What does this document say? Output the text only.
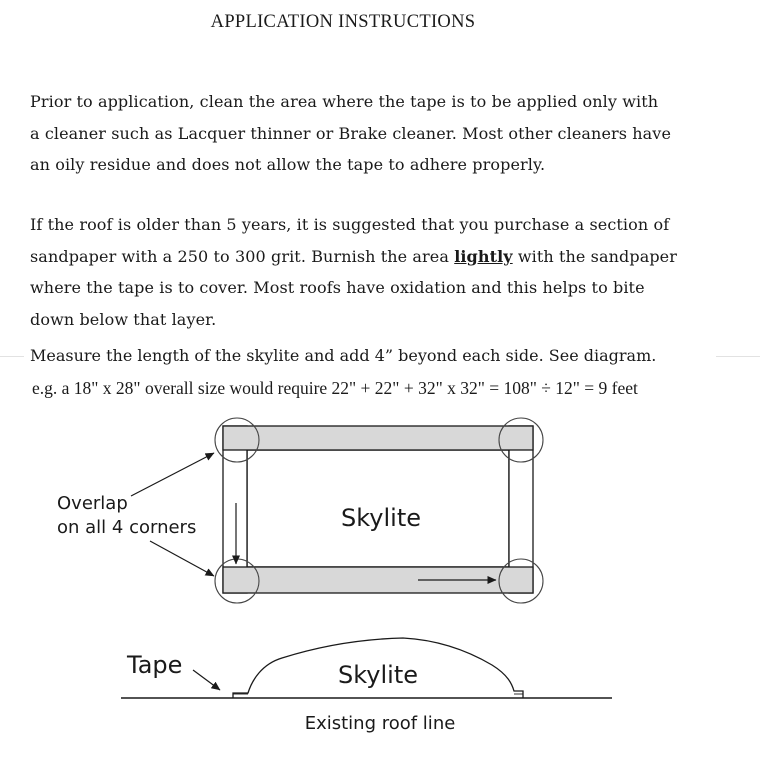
APPLICATION INSTRUCTIONS
Prior to application, clean the area where the tape is to be applied only with
a cleaner such as Lacquer thinner or Brake cleaner. Most other cleaners have
an oily residue and does not allow the tape to adhere properly.
If the roof is older than 5 years, it is suggested that you purchase a section of
sandpaper with a 250 to 300 grit. Burnish the area lightly with the sandpaper
where the tape is to cover. Most roofs have oxidation and this helps to bite
down below that layer.
Measure the length of the skylite and add 4” beyond each side. See diagram.
e.g. a 18" x 28" overall size would require 22" + 22" + 32" x 32" = 108" ÷ 12" = 9 feet
Overlap
on all 4 corners	Skylite
Tape	Skylite
Existing roof line
